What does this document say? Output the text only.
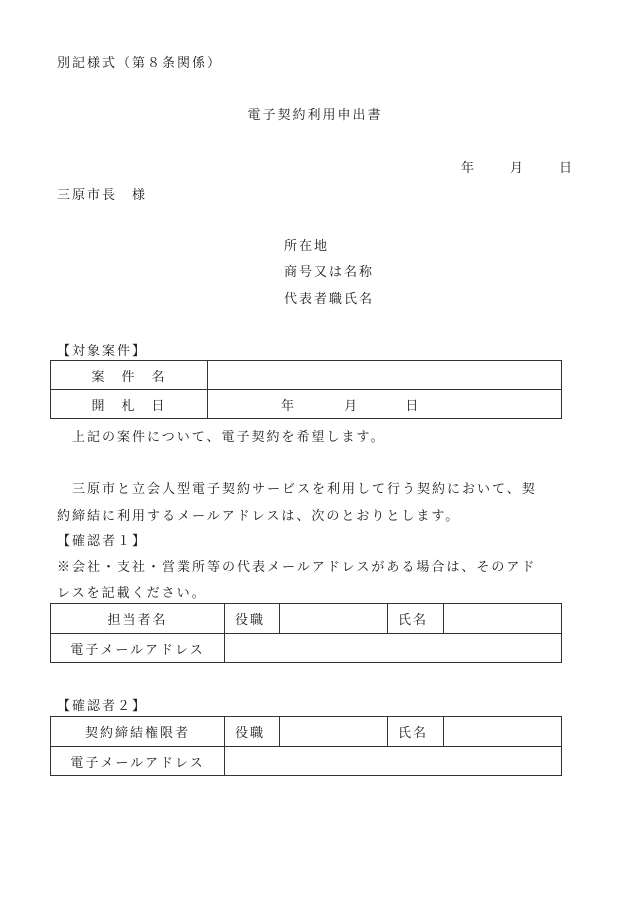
別記様式（第８条関係）
電子契約利用申出書
年	月	日
三原市長　様
所在地
商号又は名称
代表者職氏名
【対象案件】
案　件　名	
開　札　日	年 月 日
上記の案件について、電子契約を希望します。
三原市と立会人型電子契約サービスを利用して行う契約において、契
約締結に利用するメールアドレスは、次のとおりとします。
【確認者１】
※会社・支社・営業所等の代表メールアドレスがある場合は、そのアド
レスを記載ください。
担当者名	役職		氏名	
電子メールアドレス				
【確認者２】
契約締結権限者	役職		氏名	
電子メールアドレス				
